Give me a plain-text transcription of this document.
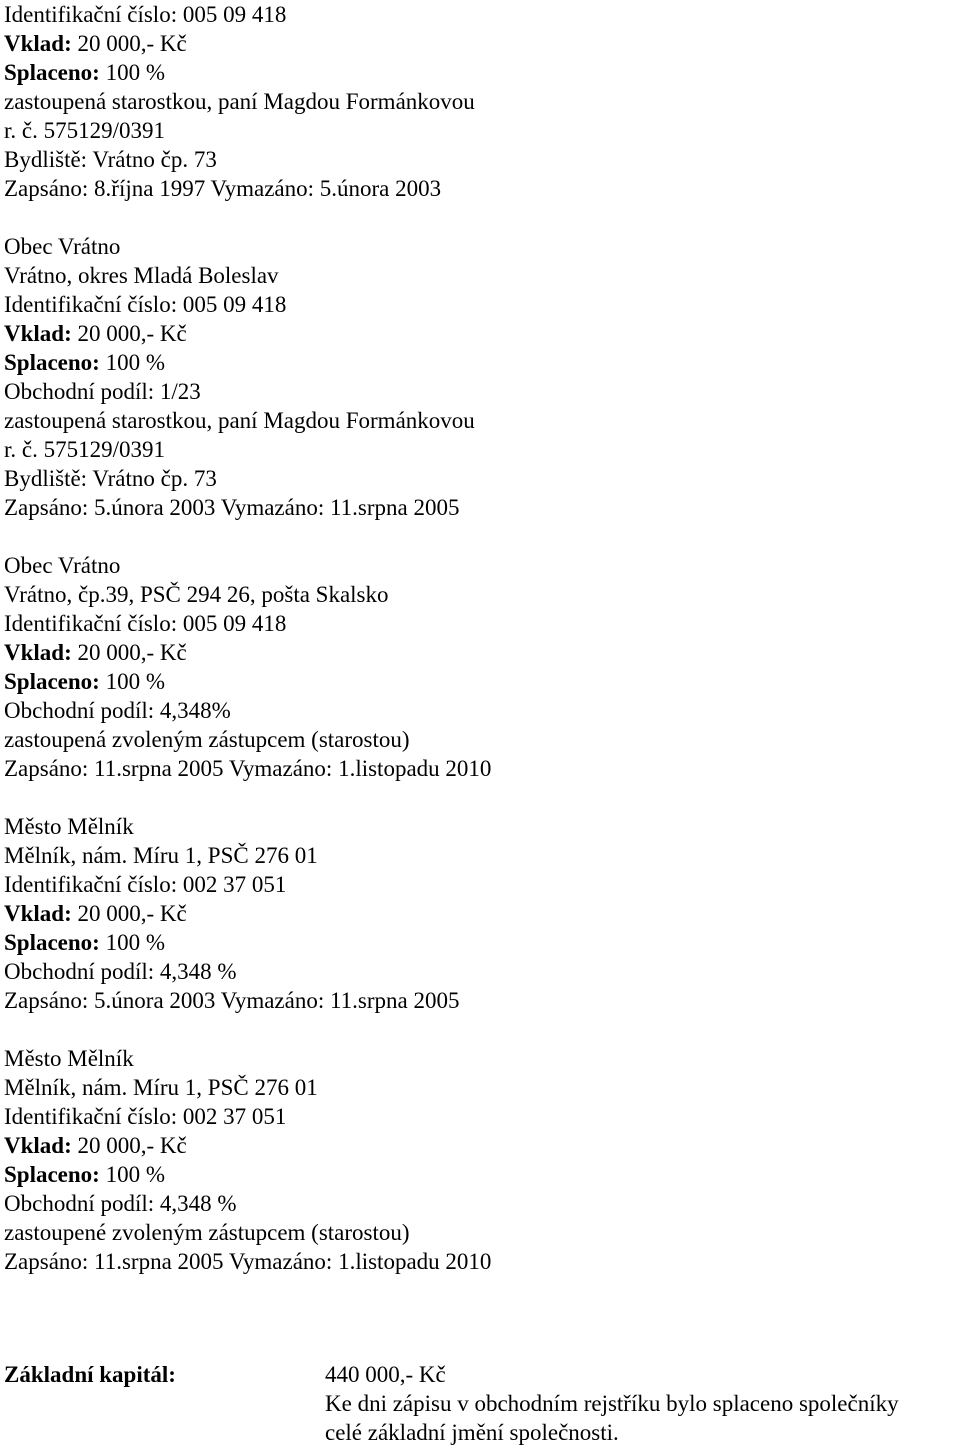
Identifikační číslo: 005 09 418
Vklad: 20 000,- Kč
Splaceno: 100 %
zastoupená starostkou, paní Magdou Formánkovou
r. č. 575129/0391
Bydliště: Vrátno čp. 73
Zapsáno: 8.října 1997 Vymazáno: 5.února 2003
Obec Vrátno
Vrátno, okres Mladá Boleslav
Identifikační číslo: 005 09 418
Vklad: 20 000,- Kč
Splaceno: 100 %
Obchodní podíl: 1/23
zastoupená starostkou, paní Magdou Formánkovou
r. č. 575129/0391
Bydliště: Vrátno čp. 73
Zapsáno: 5.února 2003 Vymazáno: 11.srpna 2005
Obec Vrátno
Vrátno, čp.39, PSČ 294 26, pošta Skalsko
Identifikační číslo: 005 09 418
Vklad: 20 000,- Kč
Splaceno: 100 %
Obchodní podíl: 4,348%
zastoupená zvoleným zástupcem (starostou)
Zapsáno: 11.srpna 2005 Vymazáno: 1.listopadu 2010
Město Mělník
Mělník, nám. Míru 1, PSČ 276 01
Identifikační číslo: 002 37 051
Vklad: 20 000,- Kč
Splaceno: 100 %
Obchodní podíl: 4,348 %
Zapsáno: 5.února 2003 Vymazáno: 11.srpna 2005
Město Mělník
Mělník, nám. Míru 1, PSČ 276 01
Identifikační číslo: 002 37 051
Vklad: 20 000,- Kč
Splaceno: 100 %
Obchodní podíl: 4,348 %
zastoupené zvoleným zástupcem (starostou)
Zapsáno: 11.srpna 2005 Vymazáno: 1.listopadu 2010
Základní kapitál:	440 000,- Kč
Ke dni zápisu v obchodním rejstříku bylo splaceno společníky
celé základní jmění společnosti.
